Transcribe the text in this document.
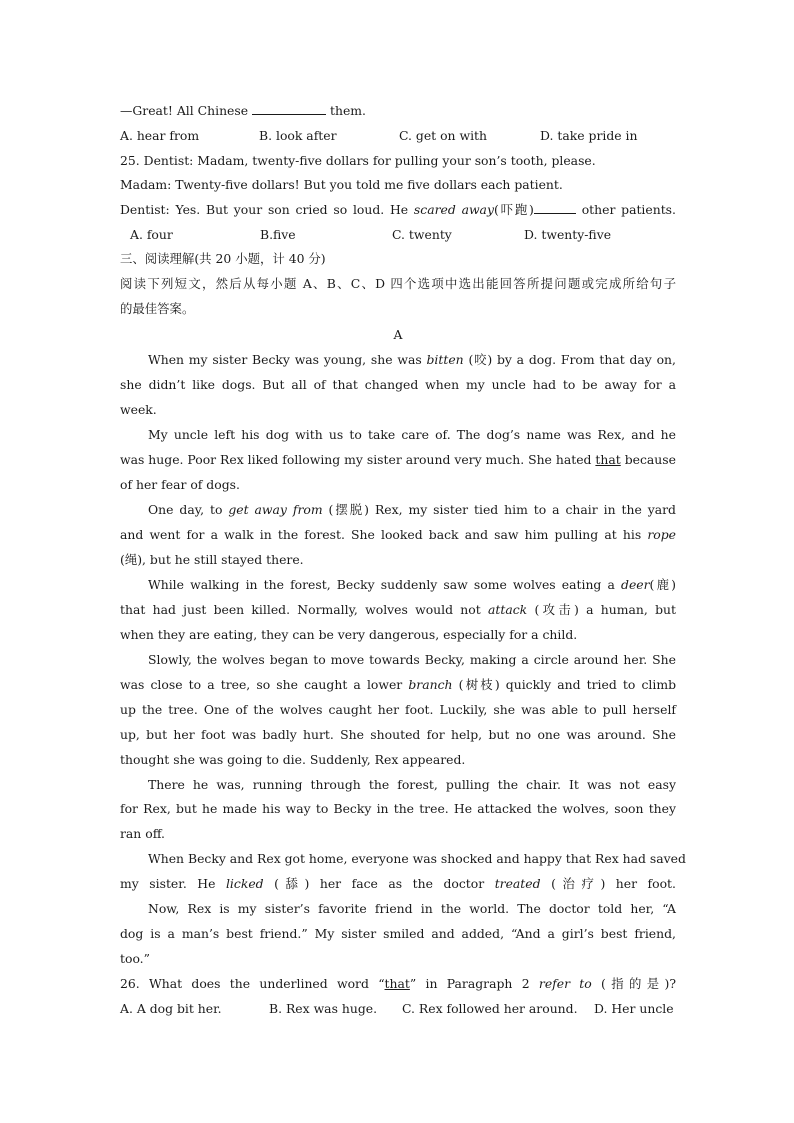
—Great! All Chinese	them.
A. hear from	B. look after	C. get on with	D. take pride in
25. Dentist: Madam, twenty-five dollars for pulling your son’s tooth, please.
Madam: Twenty-five dollars! But you told me five dollars each patient.
Dentist: Yes. But your son cried so loud. He scared away(吓跑)	other patients.
A. four	B.five	C. twenty	D. twenty-five
三、阅读理解(共 20 小题，计 40 分)
阅读下列短文，然后从每小题 A、B、C、D 四个选项中选出能回答所提问题或完成所给句子
的最佳答案。
A
When my sister Becky was young, she was bitten (咬) by a dog. From that day on,
she didn’t like dogs. But all of that changed when my uncle had to be away for a
week.
My uncle left his dog with us to take care of. The dog’s name was Rex, and he
was huge. Poor Rex liked following my sister around very much. She hated that because
of her fear of dogs.
One day, to get away from (摆脱) Rex, my sister tied him to a chair in the yard
and went for a walk in the forest. She looked back and saw him pulling at his rope
(绳), but he still stayed there.
While walking in the forest, Becky suddenly saw some wolves eating a deer(鹿)
that had just been killed. Normally, wolves would not attack (攻击) a human, but
when they are eating, they can be very dangerous, especially for a child.
Slowly, the wolves began to move towards Becky, making a circle around her. She
was close to a tree, so she caught a lower branch (树枝) quickly and tried to climb
up the tree. One of the wolves caught her foot. Luckily, she was able to pull herself
up, but her foot was badly hurt. She shouted for help, but no one was around. She
thought she was going to die. Suddenly, Rex appeared.
There he was, running through the forest, pulling the chair. It was not easy
for Rex, but he made his way to Becky in the tree. He attacked the wolves, soon they
ran off.
When Becky and Rex got home, everyone was shocked and happy that Rex had saved
my sister. He licked (舔) her face as the doctor treated (治疗) her foot.
Now, Rex is my sister’s favorite friend in the world. The doctor told her, “A
dog is a man’s best friend.” My sister smiled and added, “And a girl’s best friend,
too.”
26. What does the underlined word “that” in Paragraph 2 refer to (指的是)?
A. A dog bit her.	B. Rex was huge. C. Rex followed her around. D. Her uncle
